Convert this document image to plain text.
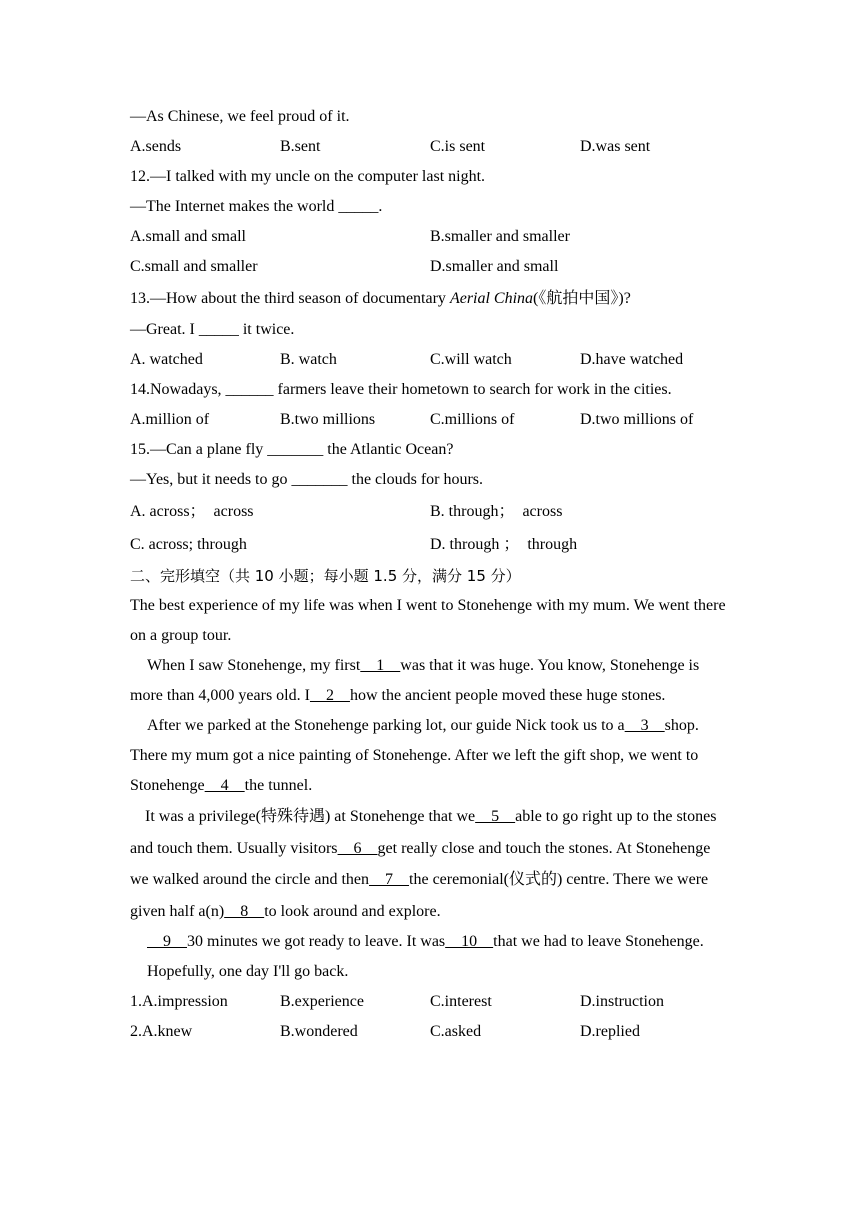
—As Chinese, we feel proud of it.
A.sends	B.sent	C.is sent	D.was sent
12.—I talked with my uncle on the computer last night.
—The Internet makes the world _____.
A.small and small	B.smaller and smaller
C.small and smaller	D.smaller and small
13.—How about the third season of documentary Aerial China(《航拍中国》)?
—Great. I _____ it twice.
A. watched	B. watch	C.will watch	D.have watched
14.Nowadays, ______ farmers leave their hometown to search for work in the cities.
A.million of	B.two millions	C.millions of	D.two millions of
15.—Can a plane fly _______ the Atlantic Ocean?
—Yes, but it needs to go _______ the clouds for hours.
A. across；  across	B. through；  across
C. across; through	D. through ；  through
二、完形填空（共 10 小题；每小题 1.5 分，满分 15 分）
The best experience of my life was when I went to Stonehenge with my mum. We went there on a group tour.
When I saw Stonehenge, my first    1    was that it was huge. You know, Stonehenge is more than 4,000 years old. I    2    how the ancient people moved these huge stones.
After we parked at the Stonehenge parking lot, our guide Nick took us to a    3    shop. There my mum got a nice painting of Stonehenge. After we left the gift shop, we went to Stonehenge    4    the tunnel.
It was a privilege(特殊待遇) at Stonehenge that we    5    able to go right up to the stones and touch them. Usually visitors    6    get really close and touch the stones. At Stonehenge we walked around the circle and then    7    the ceremonial(仪式的) centre. There we were given half a(n)    8    to look around and explore.
9    30 minutes we got ready to leave. It was    10    that we had to leave Stonehenge.
Hopefully, one day I'll go back.
1.A.impression	B.experience	C.interest	D.instruction
2.A.knew	B.wondered	C.asked	D.replied
